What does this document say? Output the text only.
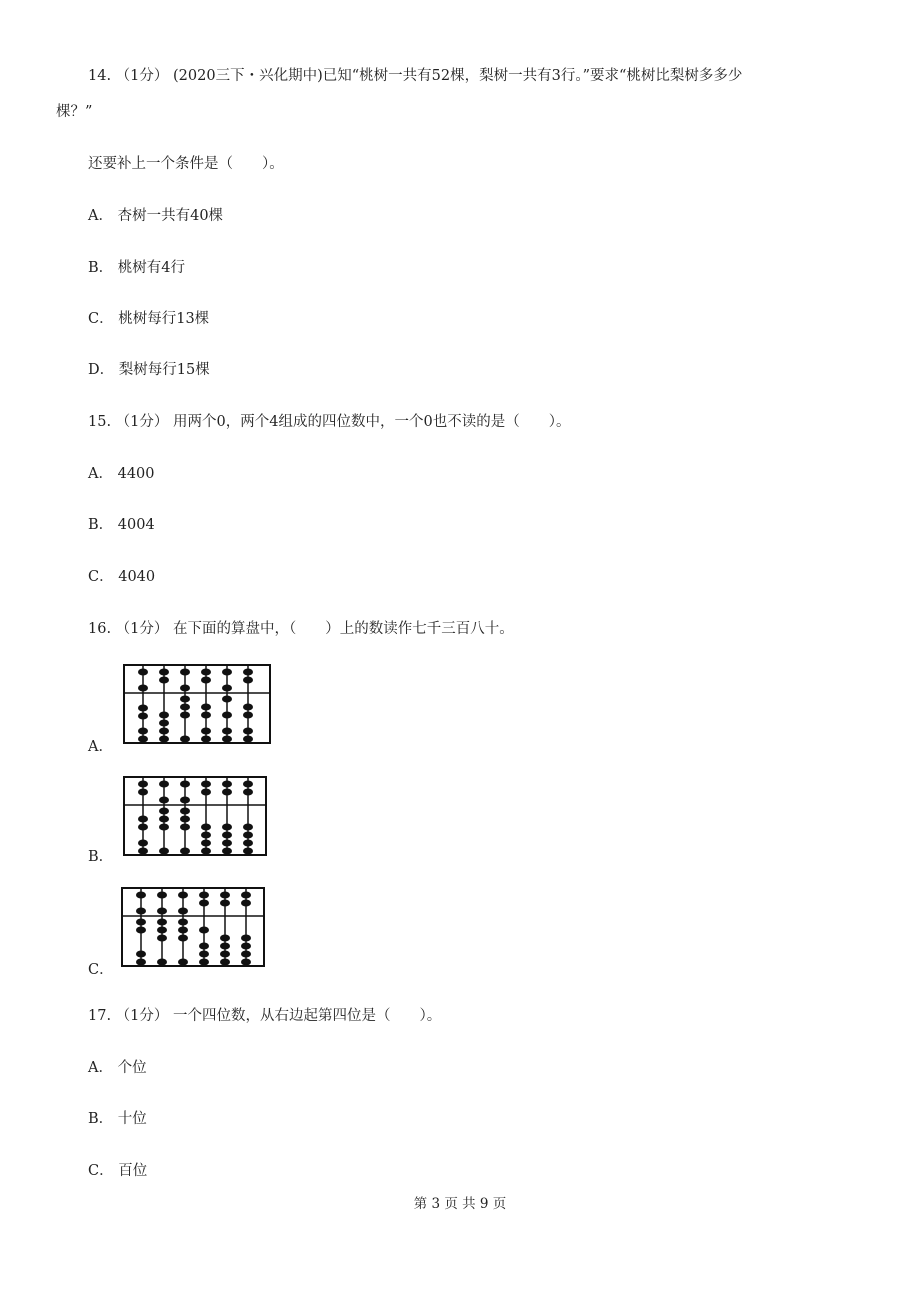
14. （1分） (2020三下・兴化期中)已知“桃树一共有52棵，梨树一共有3行。”要求“桃树比梨树多多少
棵？”
还要补上一个条件是（　　）。
A． 杏树一共有40棵
B． 桃树有4行
C． 桃树每行13棵
D． 梨树每行15棵
15. （1分） 用两个0，两个4组成的四位数中，一个0也不读的是（　　）。
A． 4400
B． 4004
C． 4040
16. （1分） 在下面的算盘中，（　　）上的数读作七千三百八十。
A．
B．
C．
17. （1分） 一个四位数，从右边起第四位是（　　）。
A． 个位
B． 十位
C． 百位
第 3 页 共 9 页
